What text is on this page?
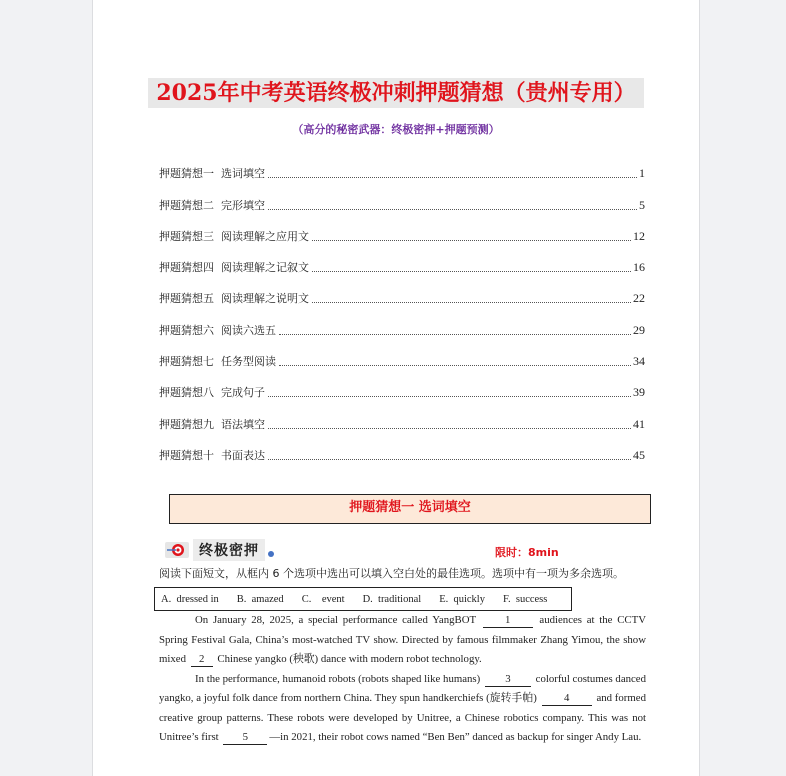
2025年中考英语终极冲刺押题猜想（贵州专用）
（高分的秘密武器：终极密押+押题预测）
押题猜想一  选词填空	1
押题猜想二  完形填空	5
押题猜想三  阅读理解之应用文	12
押题猜想四  阅读理解之记叙文	16
押题猜想五  阅读理解之说明文	22
押题猜想六  阅读六选五	29
押题猜想七  任务型阅读	34
押题猜想八  完成句子	39
押题猜想九  语法填空	41
押题猜想十  书面表达	45
押题猜想一 选词填空
终极密押	限时：8min
阅读下面短文，从框内 6 个选项中选出可以填入空白处的最佳选项。选项中有一项为多余选项。
A.  dressed in B.  amazed C.    event D.  traditional E.  quickly F.  success

On January 28, 2025, a special performance called YangBOT 1 audiences at the CCTV Spring Festival Gala, China’s most-watched TV show. Directed by famous filmmaker Zhang Yimou, the show mixed 2 Chinese yangko (秧歌) dance with modern robot technology.

In the performance, humanoid robots (robots shaped like humans) 3 colorful costumes danced yangko, a joyful folk dance from northern China. They spun handkerchiefs (旋转手帕) 4 and formed creative group patterns. These robots were developed by Unitree, a Chinese robotics company. This was not Unitree’s first 5 —in 2021, their robot cows named “Ben Ben” danced as backup for singer Andy Lau.
